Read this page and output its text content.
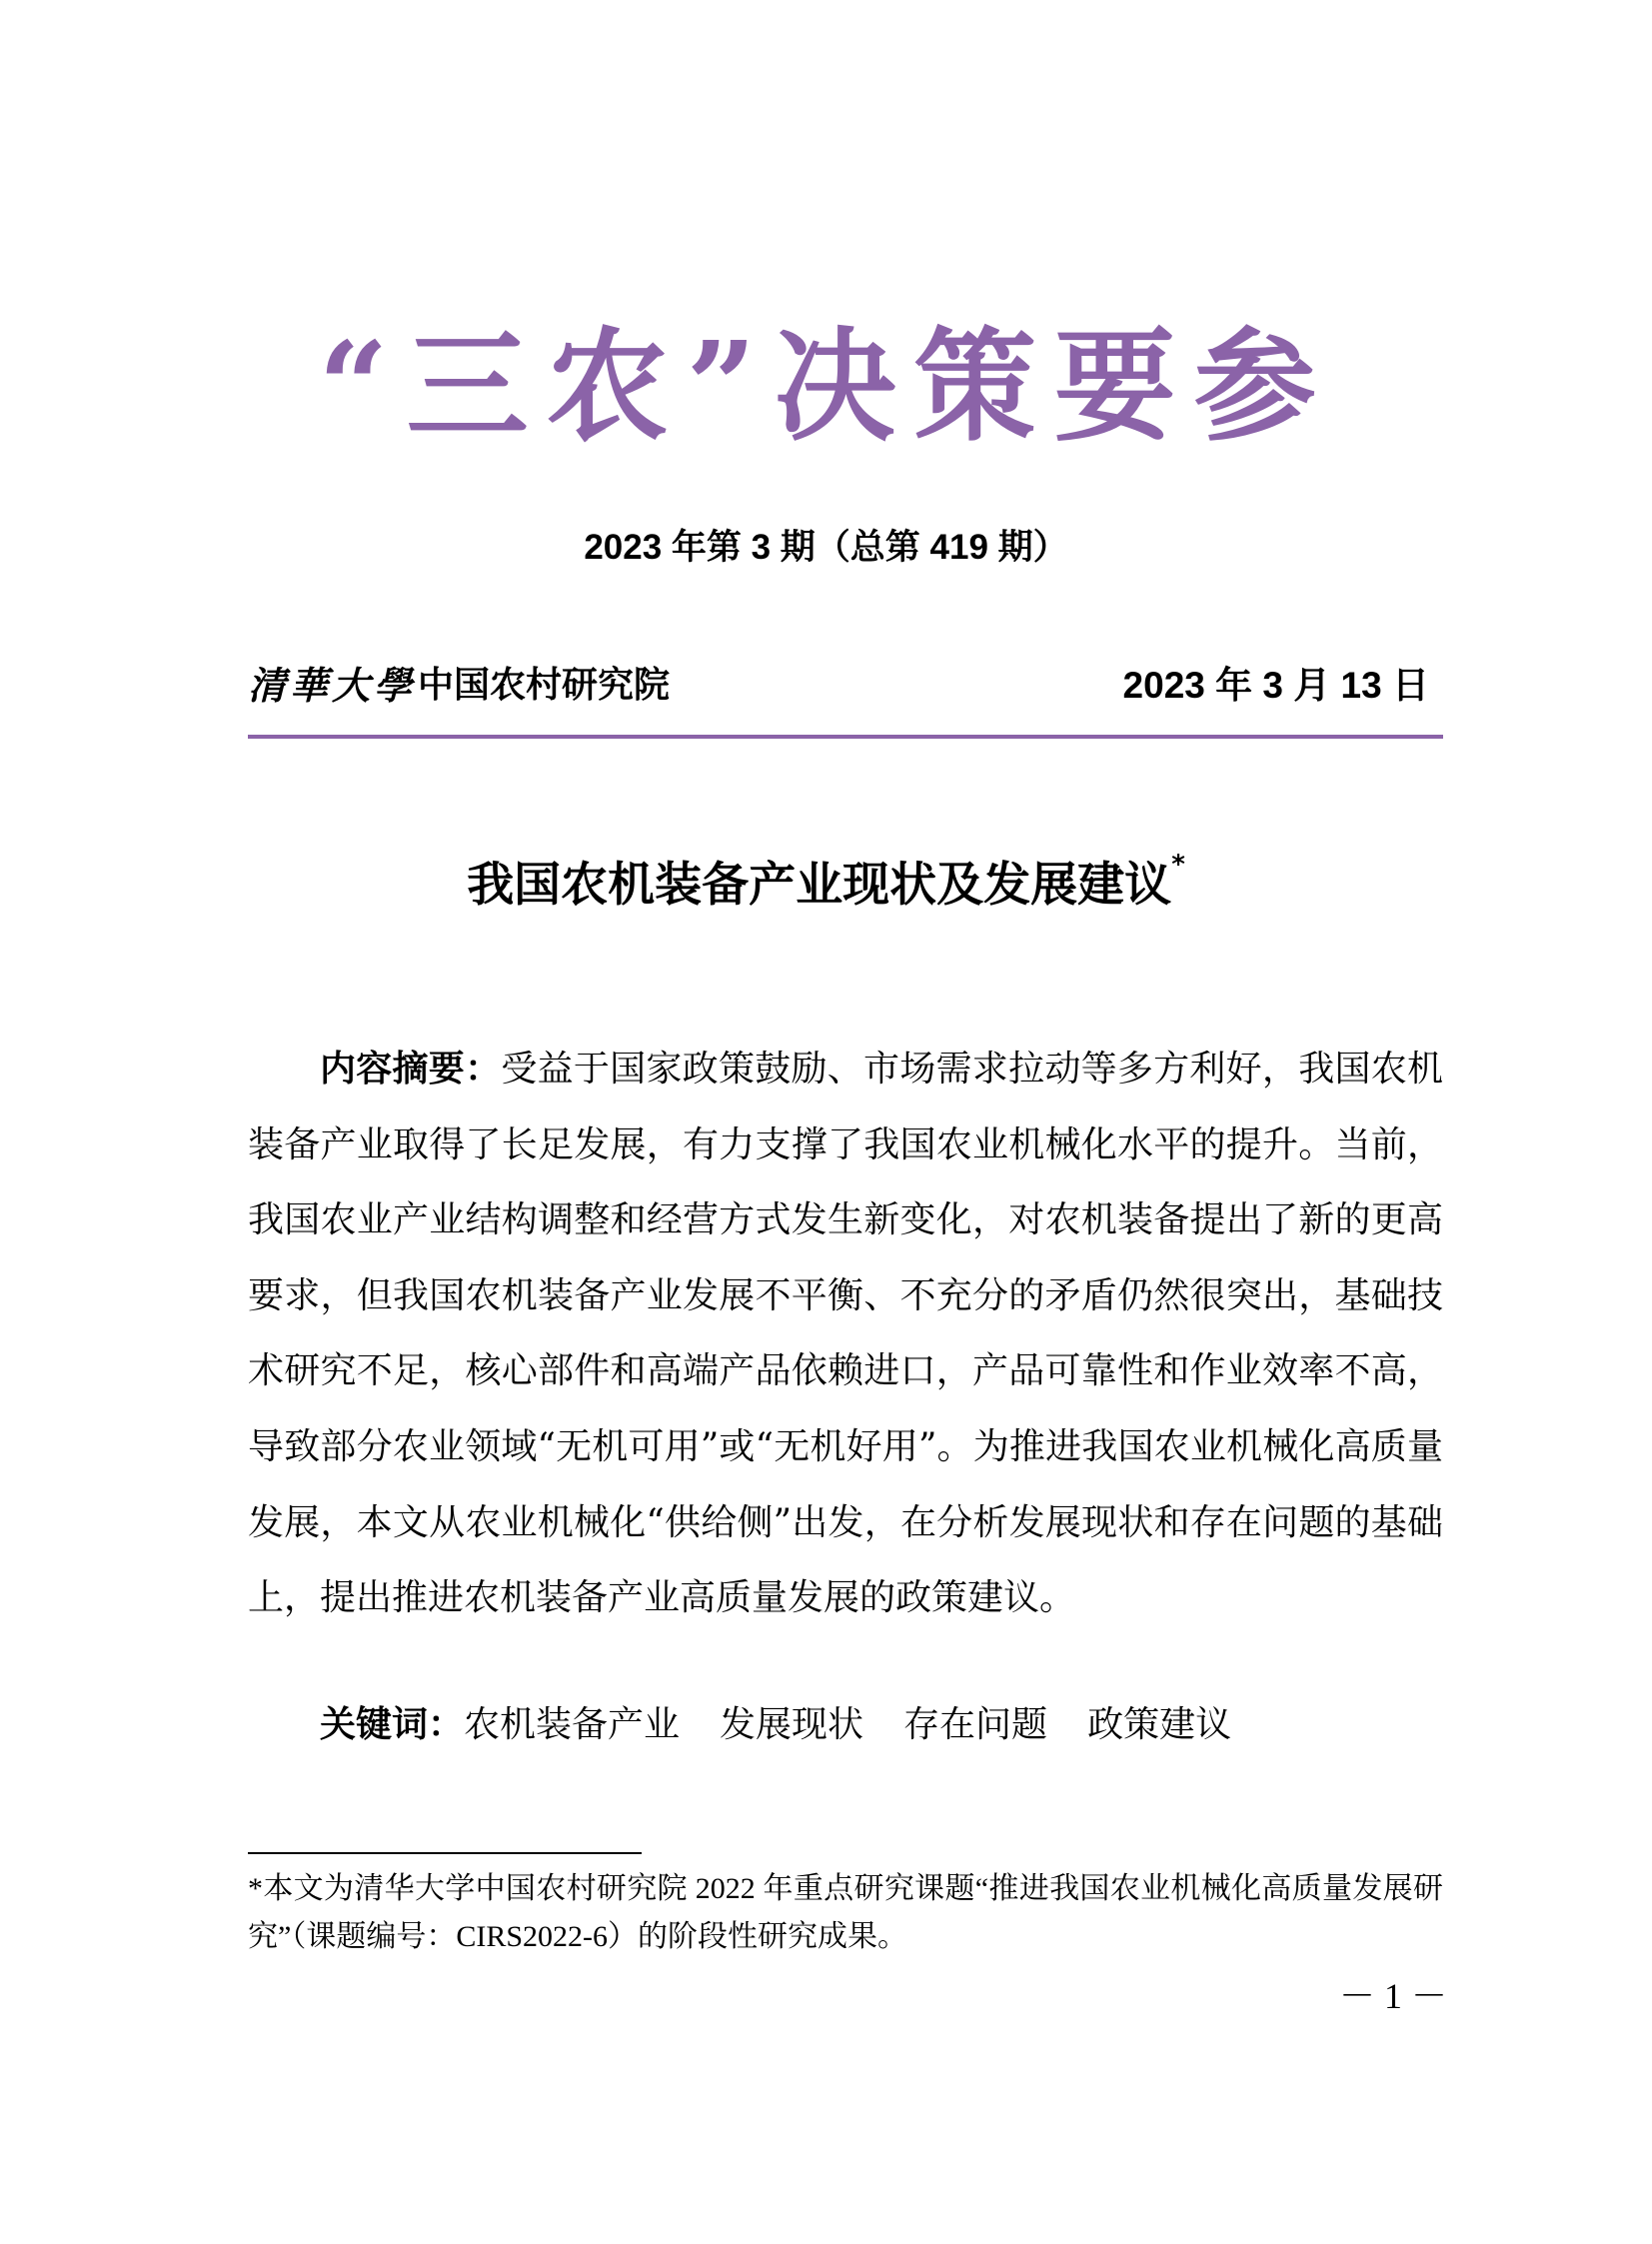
“三农”决策要参
2023 年第 3 期（总第 419 期）
清華大學 中国农村研究院	2023 年 3 月 13 日
我国农机装备产业现状及发展建议*

内容摘要：受益于国家政策鼓励、市场需求拉动等多方利好，我国农机装备产业取得了长足发展，有力支撑了我国农业机械化水平的提升。当前，我国农业产业结构调整和经营方式发生新变化，对农机装备提出了新的更高要求，但我国农机装备产业发展不平衡、不充分的矛盾仍然很突出，基础技术研究不足，核心部件和高端产品依赖进口，产品可靠性和作业效率不高，导致部分农业领域“无机可用”或“无机好用”。为推进我国农业机械化高质量发展，本文从农业机械化“供给侧”出发，在分析发展现状和存在问题的基础上，提出推进农机装备产业高质量发展的政策建议。

关键词：农机装备产业 发展现状 存在问题 政策建议

*本文为清华大学中国农村研究院 2022 年重点研究课题“推进我国农业机械化高质量发展研究”（课题编号：CIRS2022-6）的阶段性研究成果。

－ 1 －
